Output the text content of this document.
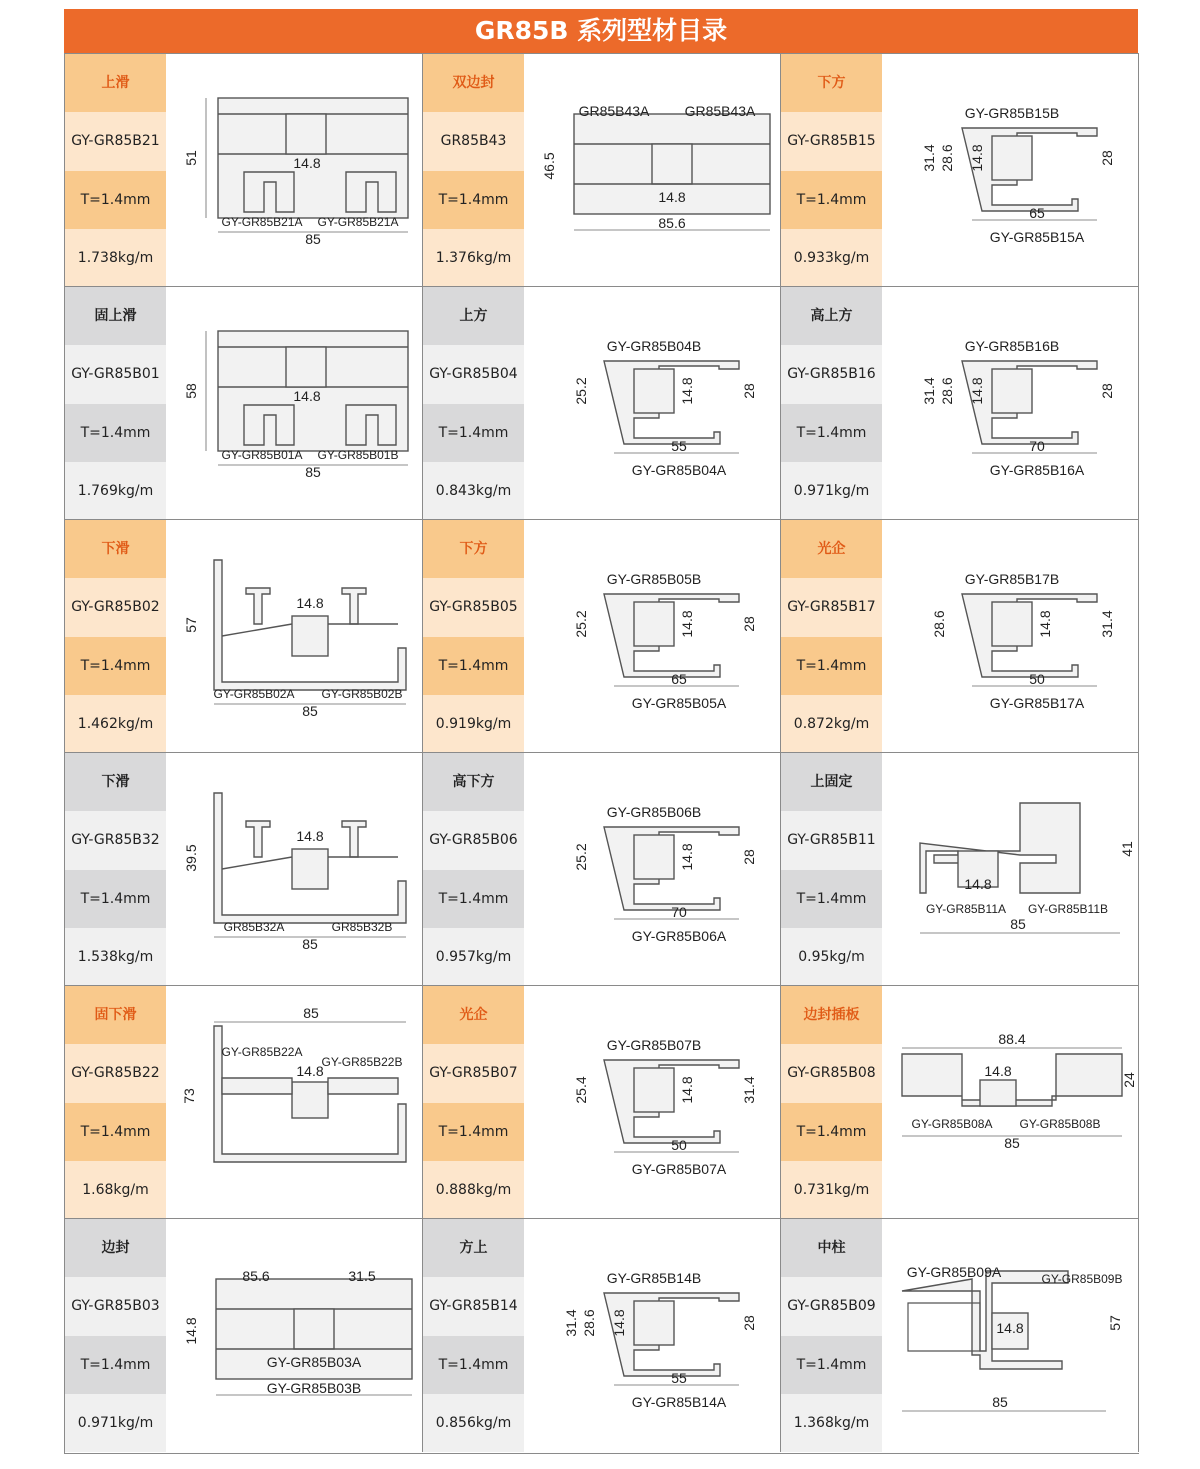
GR85B 系列型材目录
上滑
GY-GR85B21
T=1.4mm
1.738kg/m
51	14.8
GY-GR85B21A GY-GR85B21A
85
双边封
GR85B43
T=1.4mm
1.376kg/m
GR85B43A	GR85B43A
46.5
14.8
85.6
下方
GY-GR85B15
T=1.4mm
0.933kg/m
GY-GR85B15B
31.4 28.6 14.8	28
65
GY-GR85B15A
固上滑
GY-GR85B01
T=1.4mm
1.769kg/m
58	14.8
GY-GR85B01A GY-GR85B01B
85
上方
GY-GR85B04
T=1.4mm
0.843kg/m
GY-GR85B04B
25.2	14.8	28
55
GY-GR85B04A
高上方
GY-GR85B16
T=1.4mm
0.971kg/m
GY-GR85B16B
31.4 28.6 14.8	28
70
GY-GR85B16A
下滑
GY-GR85B02
T=1.4mm
1.462kg/m
57
14.8
GY-GR85B02A GY-GR85B02B
85
下方
GY-GR85B05
T=1.4mm
0.919kg/m
GY-GR85B05B
25.2	14.8	28
65
GY-GR85B05A
光企
GY-GR85B17
T=1.4mm
0.872kg/m
GY-GR85B17B
28.6	14.8	31.4
50
GY-GR85B17A
下滑
GY-GR85B32
T=1.4mm
1.538kg/m
39.5
14.8
GR85B32A	GR85B32B
85
高下方
GY-GR85B06
T=1.4mm
0.957kg/m
GY-GR85B06B
25.2	14.8	28
70
GY-GR85B06A
上固定
GY-GR85B11
T=1.4mm
0.95kg/m
41
14.8
GY-GR85B11A GY-GR85B11B
85
固下滑
GY-GR85B22
T=1.4mm
1.68kg/m
85
GY-GR85B22A
GY-GR85B22B
14.8
73
光企
GY-GR85B07
T=1.4mm
0.888kg/m
GY-GR85B07B
25.4	14.8	31.4
50
GY-GR85B07A
边封插板
GY-GR85B08
T=1.4mm
0.731kg/m
88.4
14.8
24
GY-GR85B08A GY-GR85B08B
85
边封
GY-GR85B03
T=1.4mm
0.971kg/m
85.6	31.5
14.8
GY-GR85B03A
GY-GR85B03B
方上
GY-GR85B14
T=1.4mm
0.856kg/m
GY-GR85B14B
31.4 28.6 14.8	28
55
GY-GR85B14A
中柱
GY-GR85B09
T=1.4mm
1.368kg/m
GY-GR85B09A	GY-GR85B09B
14.8	57
85
